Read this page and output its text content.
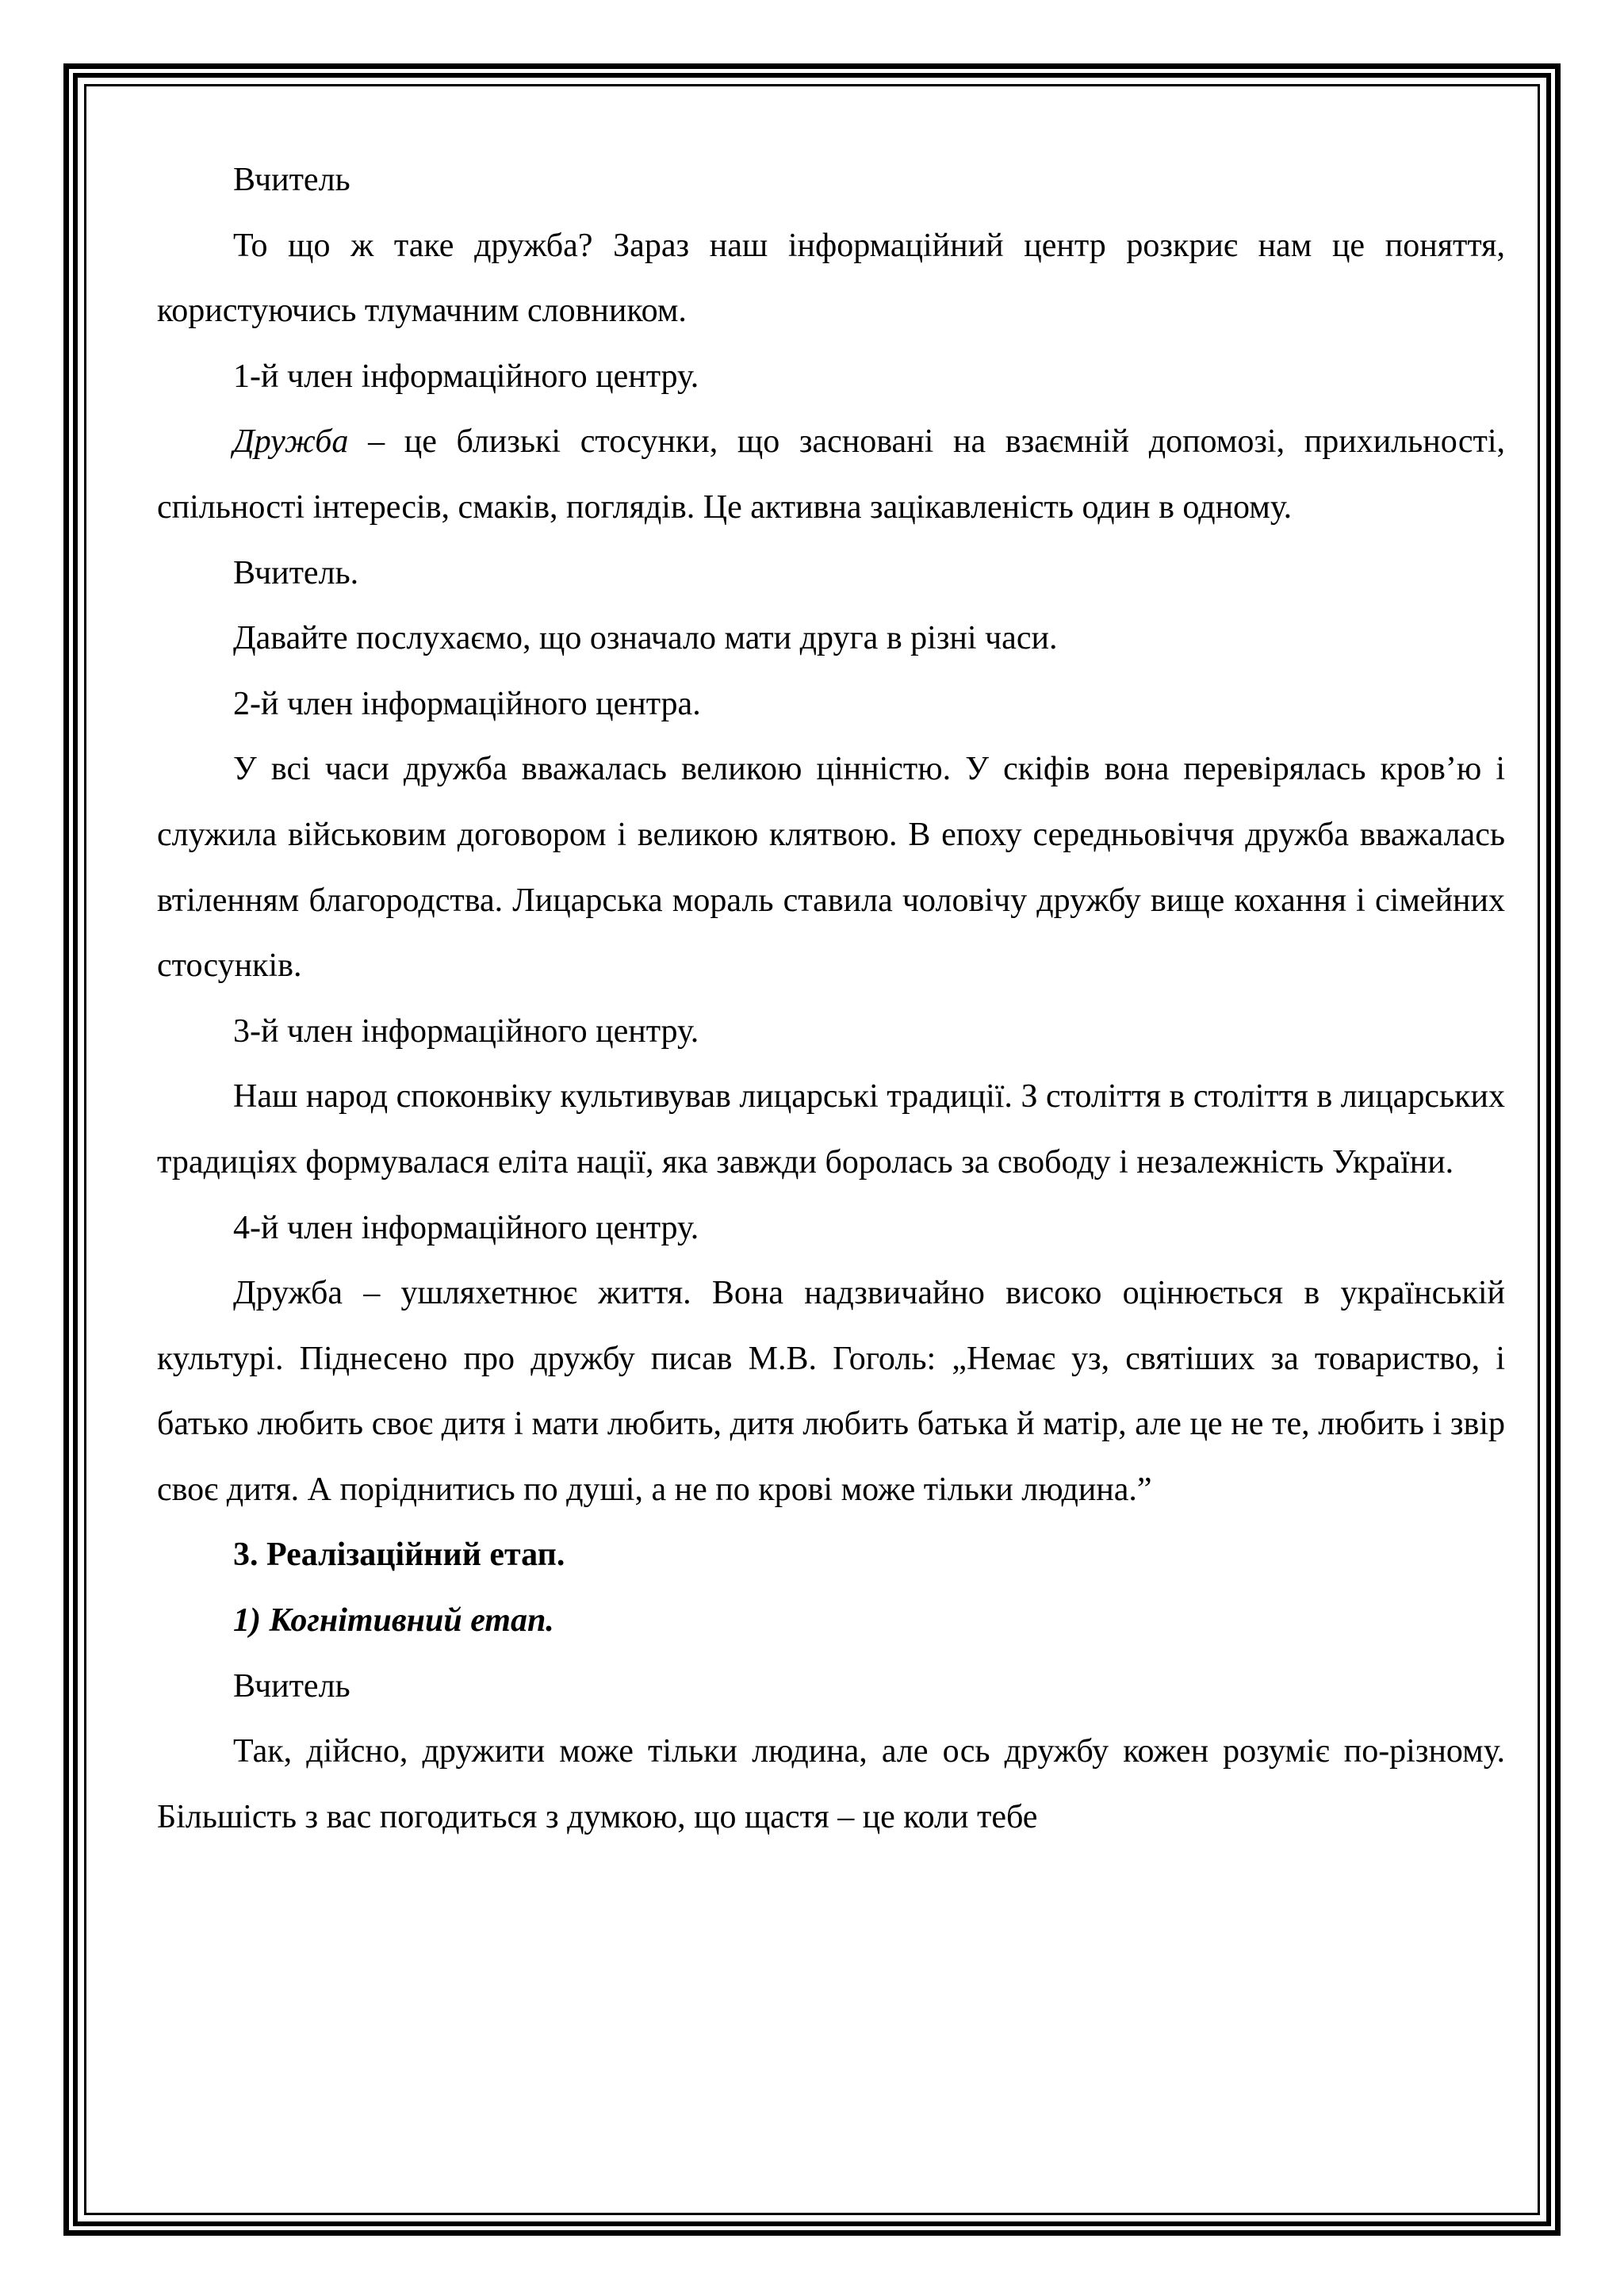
Вчитель

То що ж таке дружба? Зараз наш інформаційний центр розкриє нам це поняття, користуючись тлумачним словником.

1-й член інформаційного центру.

Дружба – це близькі стосунки, що засновані на взаємній допомозі, прихильності, спільності інтересів, смаків, поглядів. Це активна зацікавленість один в одному.

Вчитель.

Давайте послухаємо, що означало мати друга в різні часи.

2-й член інформаційного центра.

У всі часи дружба вважалась великою цінністю. У скіфів вона перевірялась кров’ю і служила військовим договором і великою клятвою. В епоху середньовіччя дружба вважалась втіленням благородства. Лицарська мораль ставила чоловічу дружбу вище кохання і сімейних стосунків.

3-й член інформаційного центру.

Наш народ споконвіку культивував лицарські традиції. З століття в століття в лицарських традиціях формувалася еліта нації, яка завжди боролась за свободу і незалежність України.

4-й член інформаційного центру.

Дружба – ушляхетнює життя. Вона надзвичайно високо оцінюється в українській культурі. Піднесено про дружбу писав М.В. Гоголь: „Немає уз, святіших за товариство, і батько любить своє дитя і мати любить, дитя любить батька й матір, але це не те, любить і звір своє дитя. А поріднитись по душі, а не по крові може тільки людина.”

3. Реалізаційний етап.

1) Когнітивний етап.

Вчитель

Так, дійсно, дружити може тільки людина, але ось дружбу кожен розуміє по-різному. Більшість з вас погодиться з думкою, що щастя – це коли тебе
